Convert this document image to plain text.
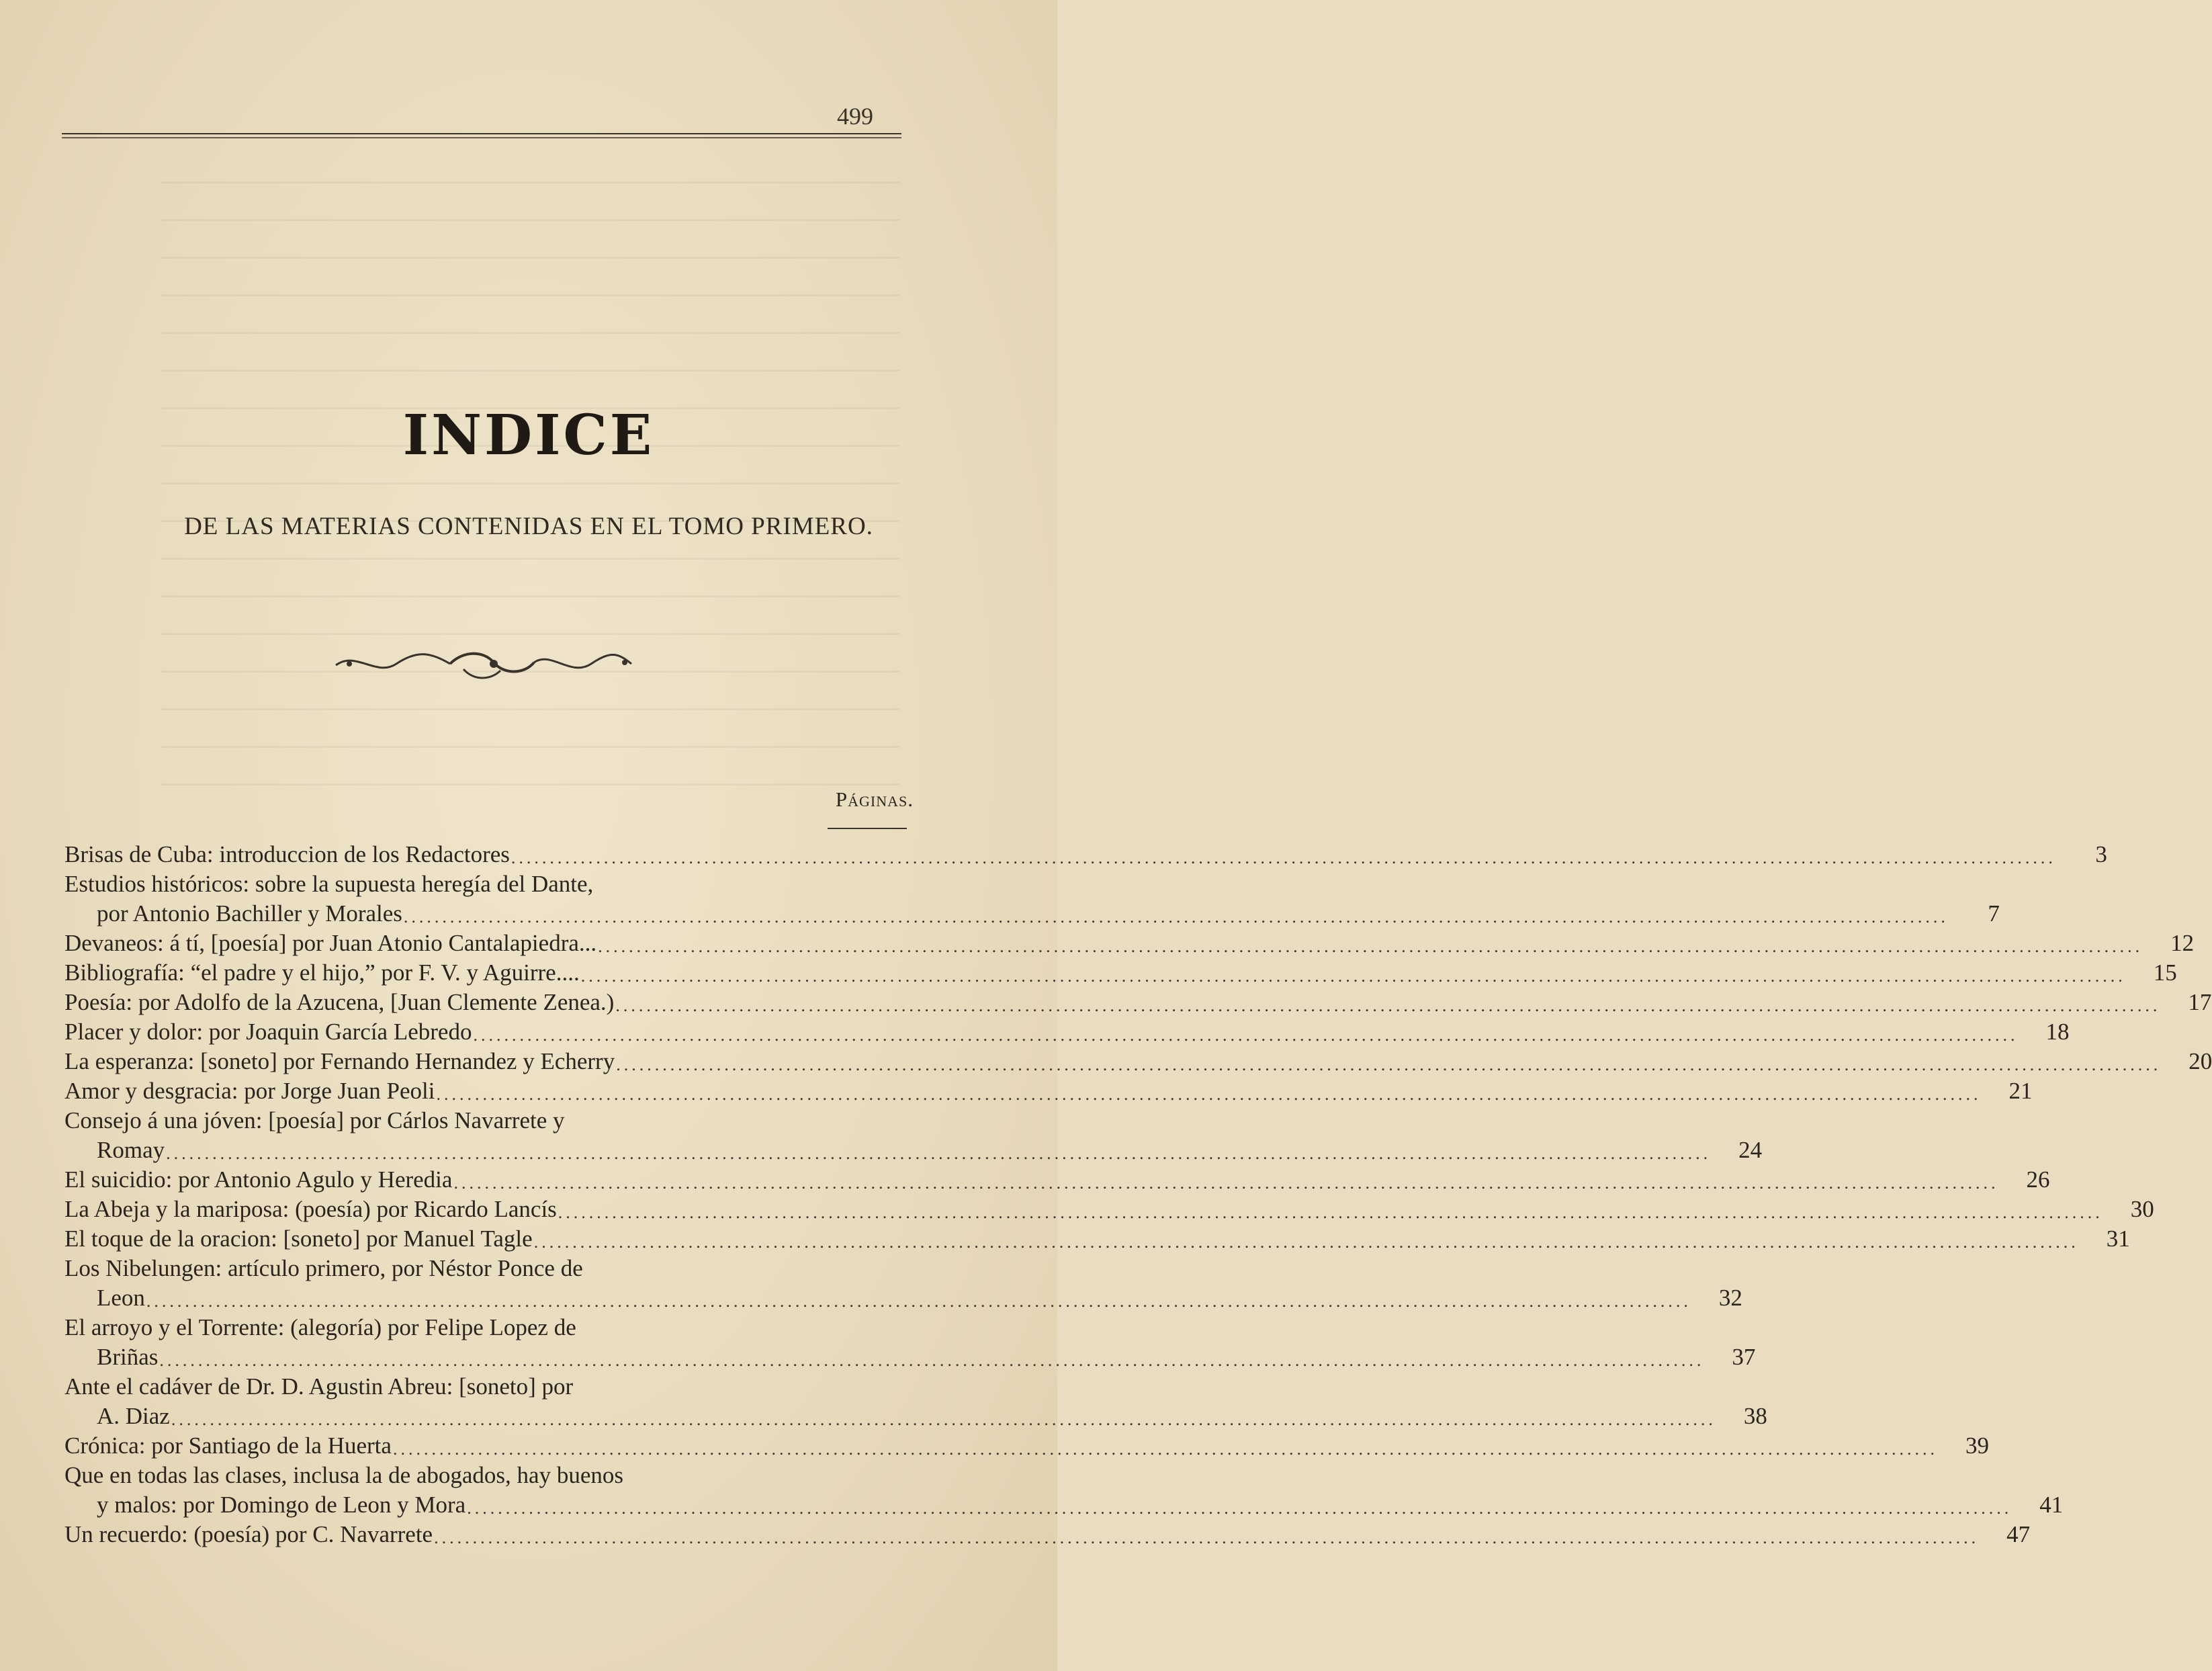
499
INDICE
DE LAS MATERIAS CONTENIDAS EN EL TOMO PRIMERO.
Páginas.
Brisas de Cuba: introduccion de los Redactores ........................................................................................................................................................................................................	3
Estudios históricos: sobre la supuesta heregía del Dante,
por Antonio Bachiller y Morales ........................................................................................................................................................................................................	7
Devaneos: á tí, [poesía] por Juan Atonio Cantalapiedra... ........................................................................................................................................................................................................	12
Bibliografía: “el padre y el hijo,” por F. V. y Aguirre.... ........................................................................................................................................................................................................	15
Poesía: por Adolfo de la Azucena, [Juan Clemente Zenea.) ........................................................................................................................................................................................................	17
Placer y dolor: por Joaquin García Lebredo ........................................................................................................................................................................................................	18
La esperanza: [soneto] por Fernando Hernandez y Echerry ........................................................................................................................................................................................................	20
Amor y desgracia: por Jorge Juan Peoli ........................................................................................................................................................................................................	21
Consejo á una jóven: [poesía] por Cárlos Navarrete y
Romay ........................................................................................................................................................................................................	24
El suicidio: por Antonio Agulo y Heredia ........................................................................................................................................................................................................	26
La Abeja y la mariposa: (poesía) por Ricardo Lancís ........................................................................................................................................................................................................	30
El toque de la oracion: [soneto] por Manuel Tagle ........................................................................................................................................................................................................	31
Los Nibelungen: artículo primero, por Néstor Ponce de
Leon ........................................................................................................................................................................................................	32
El arroyo y el Torrente: (alegoría) por Felipe Lopez de
Briñas ........................................................................................................................................................................................................	37
Ante el cadáver de Dr. D. Agustin Abreu: [soneto] por
A. Diaz ........................................................................................................................................................................................................	38
Crónica: por Santiago de la Huerta ........................................................................................................................................................................................................	39
Que en todas las clases, inclusa la de abogados, hay buenos
y malos: por Domingo de Leon y Mora ........................................................................................................................................................................................................	41
Un recuerdo: (poesía) por C. Navarrete ........................................................................................................................................................................................................	47
